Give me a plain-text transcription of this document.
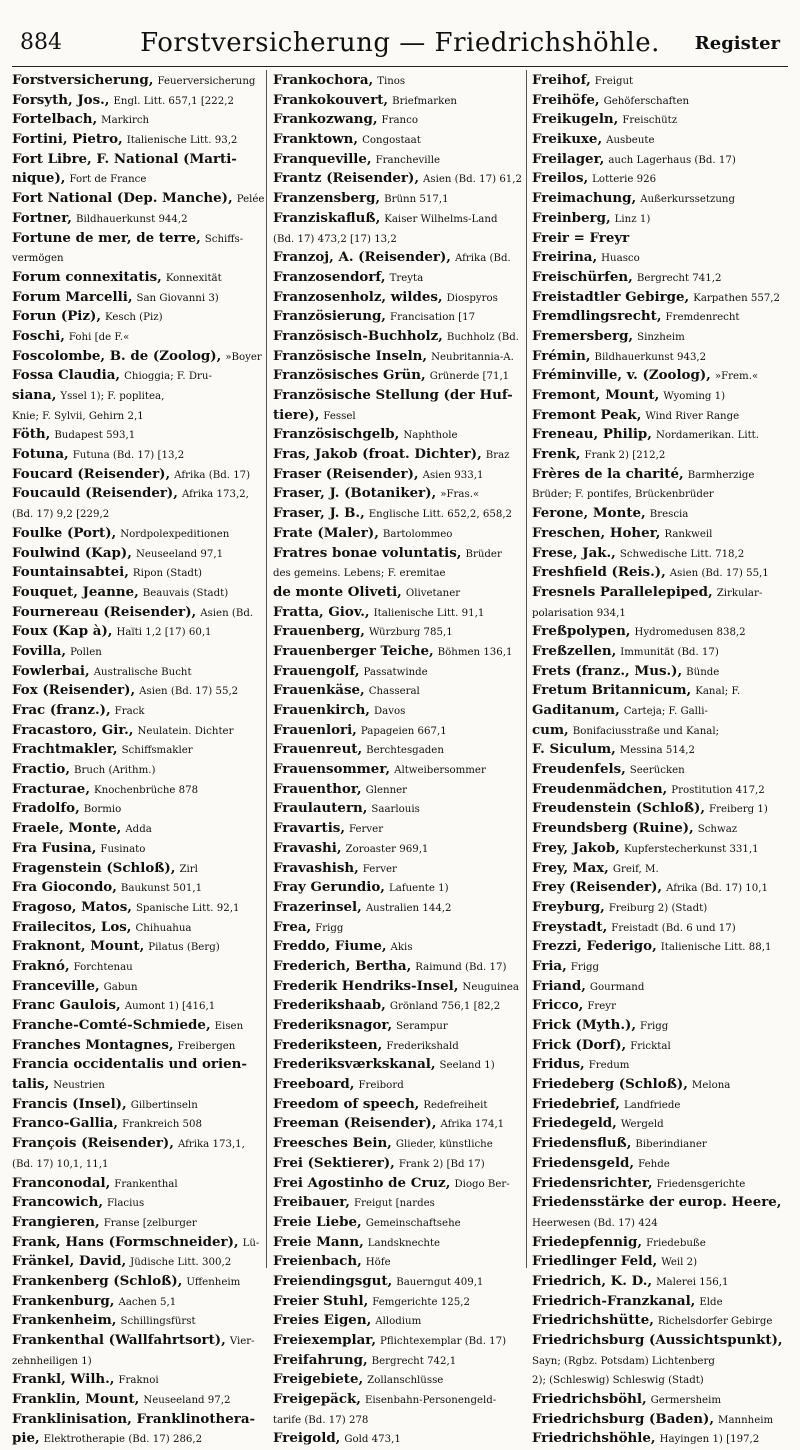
884	Forstversicherung — Friedrichshöhle.	Register
Forstversicherung, Feuerversicherung
Forsyth, Jos., Engl. Litt. 657,1 [222,2
Fortelbach, Markirch
Fortini, Pietro, Italienische Litt. 93,2
Fort Libre, F. National (Marti-
nique), Fort de France
Fort National (Dep. Manche), Pelée
Fortner, Bildhauerkunst 944,2
Fortune de mer, de terre, Schiffs-
vermögen
Forum connexitatis, Konnexität
Forum Marcelli, San Giovanni 3)
Forun (Piz), Kesch (Piz)
Foschi, Fohi [de F.«
Foscolombe, B. de (Zoolog), »Boyer
Fossa Claudia, Chioggia; F. Dru-
siana, Yssel 1); F. poplitea,
Knie; F. Sylvii, Gehirn 2,1
Föth, Budapest 593,1
Fotuna, Futuna (Bd. 17) [13,2
Foucard (Reisender), Afrika (Bd. 17)
Foucauld (Reisender), Afrika 173,2,
(Bd. 17) 9,2 [229,2
Foulke (Port), Nordpolexpeditionen
Foulwind (Kap), Neuseeland 97,1
Fountainsabtei, Ripon (Stadt)
Fouquet, Jeanne, Beauvais (Stadt)
Fournereau (Reisender), Asien (Bd.
Foux (Kap à), Haïti 1,2 [17) 60,1
Fovilla, Pollen
Fowlerbai, Australische Bucht
Fox (Reisender), Asien (Bd. 17) 55,2
Frac (franz.), Frack
Fracastoro, Gir., Neulatein. Dichter
Frachtmakler, Schiffsmakler
Fractio, Bruch (Arithm.)
Fracturae, Knochenbrüche 878
Fradolfo, Bormio
Fraele, Monte, Adda
Fra Fusina, Fusinato
Fragenstein (Schloß), Zirl
Fra Giocondo, Baukunst 501,1
Fragoso, Matos, Spanische Litt. 92,1
Frailecitos, Los, Chihuahua
Fraknont, Mount, Pilatus (Berg)
Fraknó, Forchtenau
Franceville, Gabun
Franc Gaulois, Aumont 1) [416,1
Franche-Comté-Schmiede, Eisen
Franches Montagnes, Freibergen
Francia occidentalis und orien-
talis, Neustrien
Francis (Insel), Gilbertinseln
Franco-Gallia, Frankreich 508
François (Reisender), Afrika 173,1,
(Bd. 17) 10,1, 11,1
Franconodal, Frankenthal
Francowich, Flacius
Frangieren, Franse [zelburger
Frank, Hans (Formschneider), Lü-
Fränkel, David, Jüdische Litt. 300,2
Frankenberg (Schloß), Uffenheim
Frankenburg, Aachen 5,1
Frankenheim, Schillingsfürst
Frankenthal (Wallfahrtsort), Vier-
zehnheiligen 1)
Frankl, Wilh., Fraknoi
Franklin, Mount, Neuseeland 97,2
Franklinisation, Franklinothera-
pie, Elektrotherapie (Bd. 17) 286,2
Frankochora, Tinos
Frankokouvert, Briefmarken
Frankozwang, Franco
Franktown, Congostaat
Franqueville, Francheville
Frantz (Reisender), Asien (Bd. 17) 61,2
Franzensberg, Brünn 517,1
Franziskafluß, Kaiser Wilhelms-Land
(Bd. 17) 473,2 [17) 13,2
Franzoj, A. (Reisender), Afrika (Bd.
Franzosendorf, Treyta
Franzosenholz, wildes, Diospyros
Französierung, Francisation [17
Französisch-Buchholz, Buchholz (Bd.
Französische Inseln, Neubritannia-A.
Französisches Grün, Grünerde [71,1
Französische Stellung (der Huf-
tiere), Fessel
Französischgelb, Naphthole
Fras, Jakob (froat. Dichter), Braz
Fraser (Reisender), Asien 933,1
Fraser, J. (Botaniker), »Fras.«
Fraser, J. B., Englische Litt. 652,2, 658,2
Frate (Maler), Bartolommeo
Fratres bonae voluntatis, Brüder
des gemeins. Lebens; F. eremitae
de monte Oliveti, Olivetaner
Fratta, Giov., Italienische Litt. 91,1
Frauenberg, Würzburg 785,1
Frauenberger Teiche, Böhmen 136,1
Frauengolf, Passatwinde
Frauenkäse, Chasseral
Frauenkirch, Davos
Frauenlori, Papageien 667,1
Frauenreut, Berchtesgaden
Frauensommer, Altweibersommer
Frauenthor, Glenner
Fraulautern, Saarlouis
Fravartis, Ferver
Fravashi, Zoroaster 969,1
Fravashish, Ferver
Fray Gerundio, Lafuente 1)
Frazerinsel, Australien 144,2
Frea, Frigg
Freddo, Fiume, Akis
Frederich, Bertha, Raimund (Bd. 17)
Frederik Hendriks-Insel, Neuguinea
Frederikshaab, Grönland 756,1 [82,2
Frederiksnagor, Serampur
Frederiksteen, Frederikshald
Frederiksværkskanal, Seeland 1)
Freeboard, Freibord
Freedom of speech, Redefreiheit
Freeman (Reisender), Afrika 174,1
Freesches Bein, Glieder, künstliche
Frei (Sektierer), Frank 2) [Bd 17)
Frei Agostinho de Cruz, Diogo Ber-
Freibauer, Freigut [nardes
Freie Liebe, Gemeinschaftsehe
Freie Mann, Landsknechte
Freienbach, Höfe
Freiendingsgut, Bauerngut 409,1
Freier Stuhl, Femgerichte 125,2
Freies Eigen, Allodium
Freiexemplar, Pflichtexemplar (Bd. 17)
Freifahrung, Bergrecht 742,1
Freigebiete, Zollanschlüsse
Freigepäck, Eisenbahn-Personengeld-
tarife (Bd. 17) 278
Freigold, Gold 473,1
Freihof, Freigut
Freihöfe, Gehöferschaften
Freikugeln, Freischütz
Freikuxe, Ausbeute
Freilager, auch Lagerhaus (Bd. 17)
Freilos, Lotterie 926
Freimachung, Außerkurssetzung
Freinberg, Linz 1)
Freir = Freyr
Freirina, Huasco
Freischürfen, Bergrecht 741,2
Freistadtler Gebirge, Karpathen 557,2
Fremdlingsrecht, Fremdenrecht
Fremersberg, Sinzheim
Frémin, Bildhauerkunst 943,2
Fréminville, v. (Zoolog), »Frem.«
Fremont, Mount, Wyoming 1)
Fremont Peak, Wind River Range
Freneau, Philip, Nordamerikan. Litt.
Frenk, Frank 2) [212,2
Frères de la charité, Barmherzige
Brüder; F. pontifes, Brückenbrüder
Ferone, Monte, Brescia
Freschen, Hoher, Rankweil
Frese, Jak., Schwedische Litt. 718,2
Freshfield (Reis.), Asien (Bd. 17) 55,1
Fresnels Parallelepiped, Zirkular-
polarisation 934,1
Freßpolypen, Hydromedusen 838,2
Freßzellen, Immunität (Bd. 17)
Frets (franz., Mus.), Bünde
Fretum Britannicum, Kanal; F.
Gaditanum, Carteja; F. Galli-
cum, Bonifaciusstraße und Kanal;
F. Siculum, Messina 514,2
Freudenfels, Seerücken
Freudenmädchen, Prostitution 417,2
Freudenstein (Schloß), Freiberg 1)
Freundsberg (Ruine), Schwaz
Frey, Jakob, Kupferstecherkunst 331,1
Frey, Max, Greif, M.
Frey (Reisender), Afrika (Bd. 17) 10,1
Freyburg, Freiburg 2) (Stadt)
Freystadt, Freistadt (Bd. 6 und 17)
Frezzi, Federigo, Italienische Litt. 88,1
Fria, Frigg
Friand, Gourmand
Fricco, Freyr
Frick (Myth.), Frigg
Frick (Dorf), Fricktal
Fridus, Fredum
Friedeberg (Schloß), Melona
Friedebrief, Landfriede
Friedegeld, Wergeld
Friedensfluß, Biberindianer
Friedensgeld, Fehde
Friedensrichter, Friedensgerichte
Friedensstärke der europ. Heere,
Heerwesen (Bd. 17) 424
Friedepfennig, Friedebuße
Friedlinger Feld, Weil 2)
Friedrich, K. D., Malerei 156,1
Friedrich-Franzkanal, Elde
Friedrichshütte, Richelsdorfer Gebirge
Friedrichsburg (Aussichtspunkt),
Sayn; (Rgbz. Potsdam) Lichtenberg
2); (Schleswig) Schleswig (Stadt)
Friedrichsböhl, Germersheim
Friedrichsburg (Baden), Mannheim
Friedrichshöhle, Hayingen 1) [197,2
